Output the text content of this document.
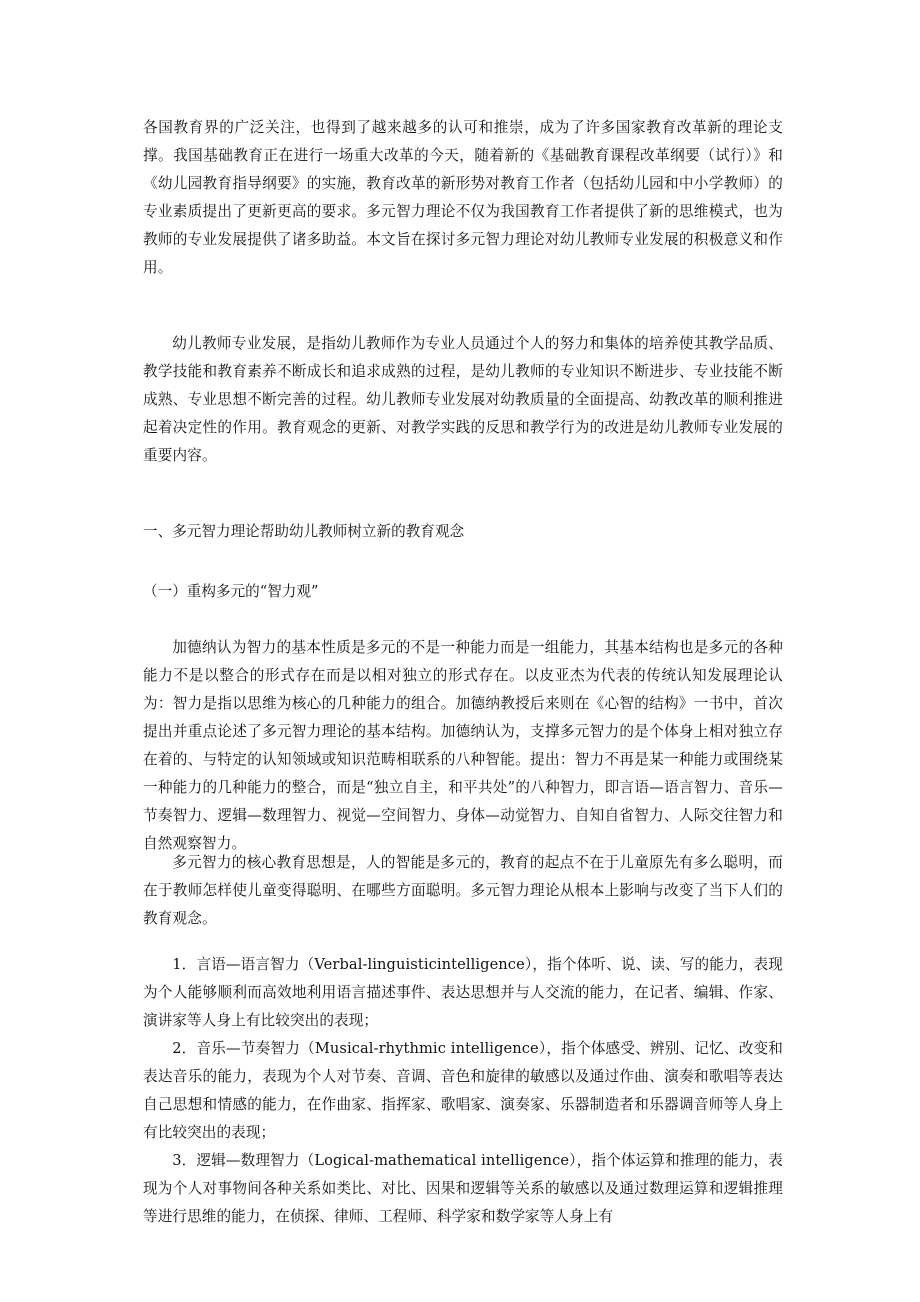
各国教育界的广泛关注，也得到了越来越多的认可和推崇，成为了许多国家教育改革新的理论支撑。我国基础教育正在进行一场重大改革的今天，随着新的《基础教育课程改革纲要（试行）》和《幼儿园教育指导纲要》的实施，教育改革的新形势对教育工作者（包括幼儿园和中小学教师）的专业素质提出了更新更高的要求。多元智力理论不仅为我国教育工作者提供了新的思维模式，也为教师的专业发展提供了诸多助益。本文旨在探讨多元智力理论对幼儿教师专业发展的积极意义和作用。

幼儿教师专业发展，是指幼儿教师作为专业人员通过个人的努力和集体的培养使其教学品质、教学技能和教育素养不断成长和追求成熟的过程，是幼儿教师的专业知识不断进步、专业技能不断成熟、专业思想不断完善的过程。幼儿教师专业发展对幼教质量的全面提高、幼教改革的顺利推进起着决定性的作用。教育观念的更新、对教学实践的反思和教学行为的改进是幼儿教师专业发展的重要内容。

一、多元智力理论帮助幼儿教师树立新的教育观念

（一）重构多元的“智力观”

加德纳认为智力的基本性质是多元的不是一种能力而是一组能力，其基本结构也是多元的各种能力不是以整合的形式存在而是以相对独立的形式存在。以皮亚杰为代表的传统认知发展理论认为：智力是指以思维为核心的几种能力的组合。加德纳教授后来则在《心智的结构》一书中，首次提出并重点论述了多元智力理论的基本结构。加德纳认为，支撑多元智力的是个体身上相对独立存在着的、与特定的认知领域或知识范畴相联系的八种智能。提出：智力不再是某一种能力或围绕某一种能力的几种能力的整合，而是“独立自主，和平共处”的八种智力，即言语—语言智力、音乐—节奏智力、逻辑—数理智力、视觉—空间智力、身体—动觉智力、自知自省智力、人际交往智力和自然观察智力。

多元智力的核心教育思想是，人的智能是多元的，教育的起点不在于儿童原先有多么聪明，而在于教师怎样使儿童变得聪明、在哪些方面聪明。多元智力理论从根本上影响与改变了当下人们的教育观念。

1．言语—语言智力（Verbal-linguisticintelligence），指个体听、说、读、写的能力，表现为个人能够顺利而高效地利用语言描述事件、表达思想并与人交流的能力，在记者、编辑、作家、演讲家等人身上有比较突出的表现；

2．音乐—节奏智力（Musical-rhythmic intelligence），指个体感受、辨别、记忆、改变和表达音乐的能力，表现为个人对节奏、音调、音色和旋律的敏感以及通过作曲、演奏和歌唱等表达自己思想和情感的能力，在作曲家、指挥家、歌唱家、演奏家、乐器制造者和乐器调音师等人身上有比较突出的表现；

3．逻辑—数理智力（Logical-mathematical intelligence），指个体运算和推理的能力，表现为个人对事物间各种关系如类比、对比、因果和逻辑等关系的敏感以及通过数理运算和逻辑推理等进行思维的能力，在侦探、律师、工程师、科学家和数学家等人身上有
